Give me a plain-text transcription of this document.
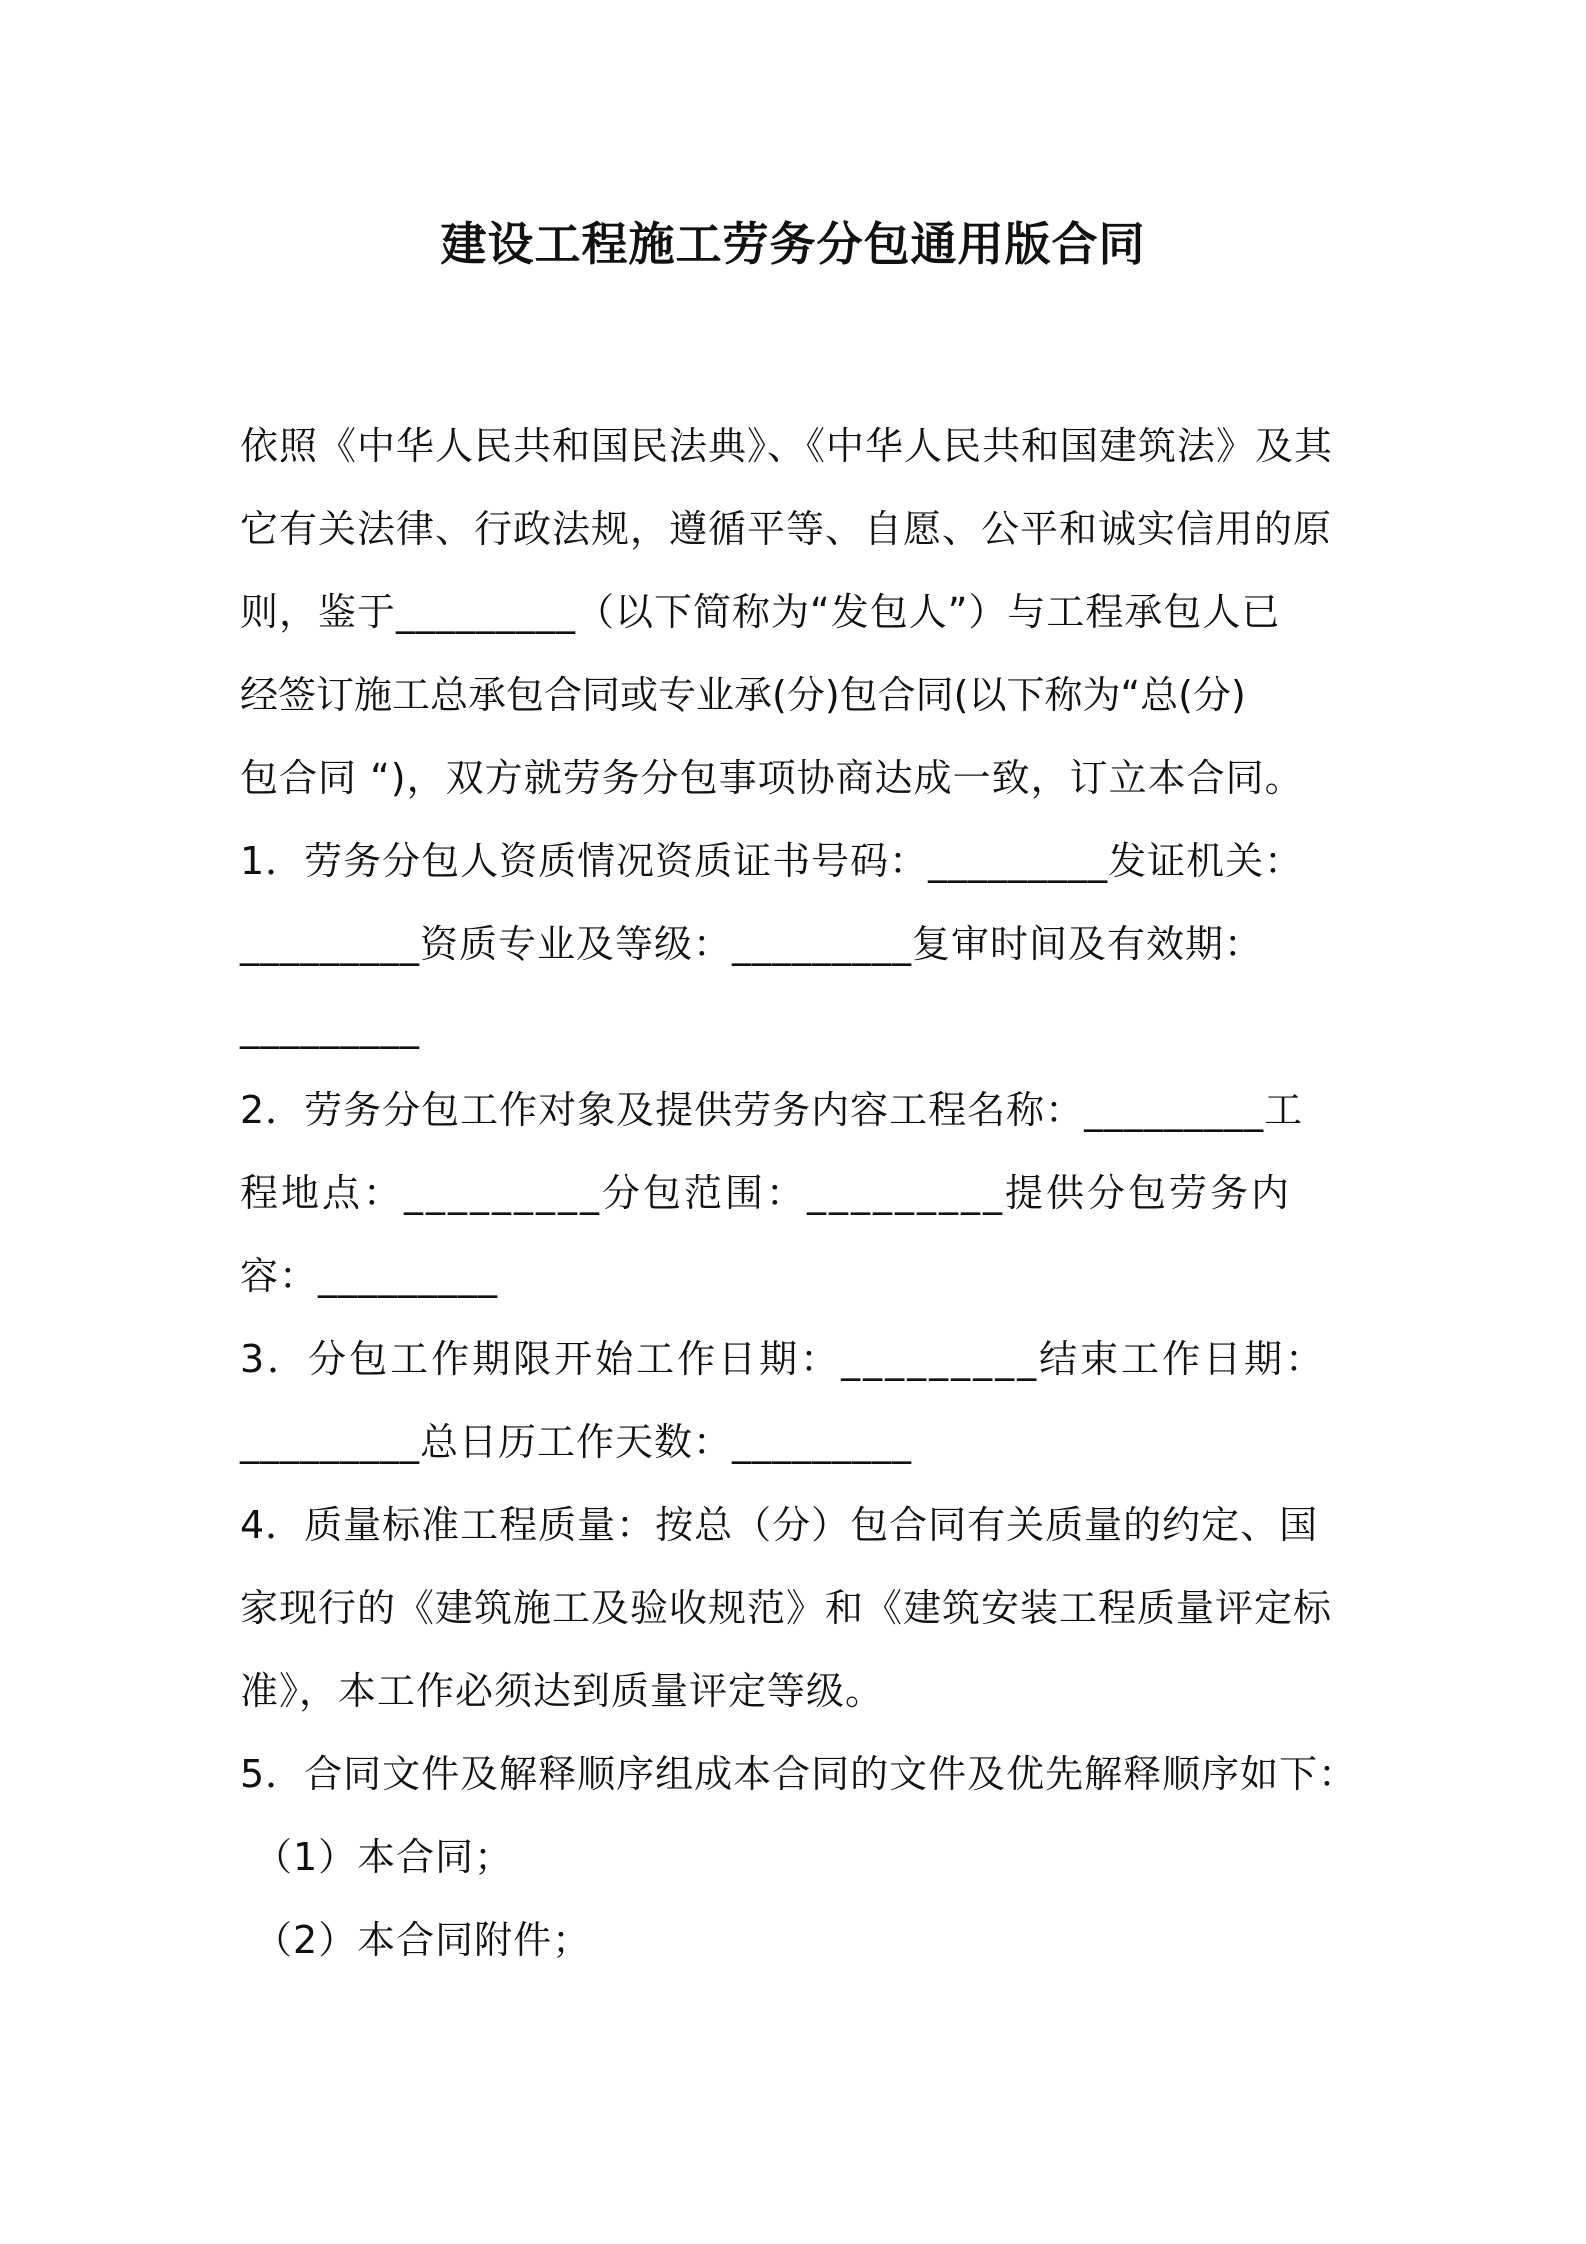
建设工程施工劳务分包通用版合同
依照《中华人民共和国民法典》、《中华人民共和国建筑法》及其
它有关法律、行政法规，遵循平等、自愿、公平和诚实信用的原
则，鉴于_________（以下简称为“发包人”）与工程承包人已
经签订施工总承包合同或专业承(分)包合同(以下称为“总(分)
包合同 “)，双方就劳务分包事项协商达成一致，订立本合同。
1．劳务分包人资质情况资质证书号码：_________发证机关：
_________资质专业及等级：_________复审时间及有效期：
_________
2．劳务分包工作对象及提供劳务内容工程名称：_________工
程地点：_________分包范围：_________提供分包劳务内
容：_________
3．分包工作期限开始工作日期：_________结束工作日期：
_________总日历工作天数：_________
4．质量标准工程质量：按总（分）包合同有关质量的约定、国
家现行的《建筑施工及验收规范》和《建筑安装工程质量评定标
准》，本工作必须达到质量评定等级。
5．合同文件及解释顺序组成本合同的文件及优先解释顺序如下：
（1）本合同；
（2）本合同附件；
